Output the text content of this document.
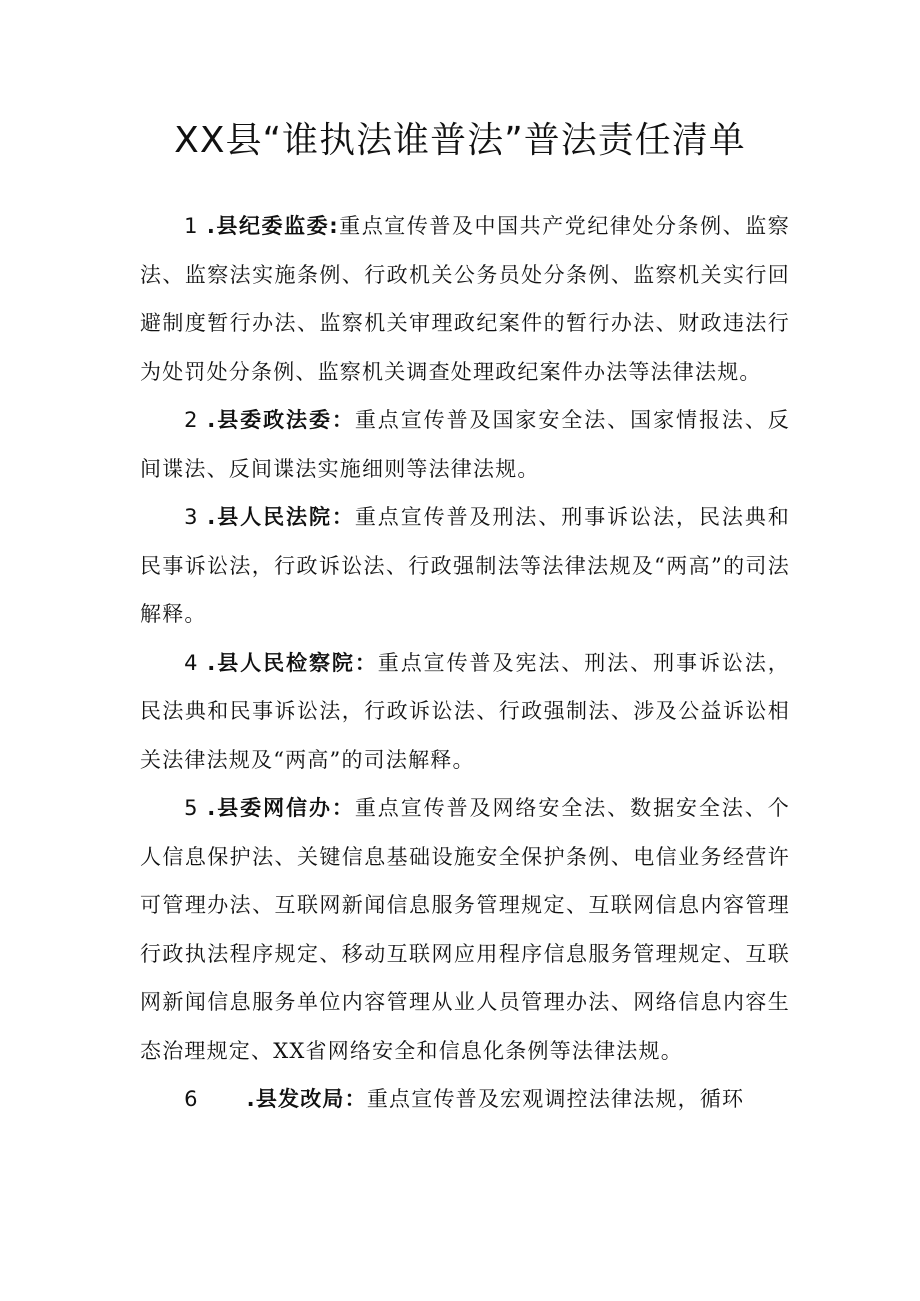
XX县“谁执法谁普法”普法责任清单

1 .县纪委监委:重点宣传普及中国共产党纪律处分条例、监察法、监察法实施条例、行政机关公务员处分条例、监察机关实行回避制度暂行办法、监察机关审理政纪案件的暂行办法、财政违法行为处罚处分条例、监察机关调查处理政纪案件办法等法律法规。

2 .县委政法委：重点宣传普及国家安全法、国家情报法、反间谍法、反间谍法实施细则等法律法规。

3 .县人民法院：重点宣传普及刑法、刑事诉讼法，民法典和民事诉讼法，行政诉讼法、行政强制法等法律法规及“两高”的司法解释。

4 .县人民检察院：重点宣传普及宪法、刑法、刑事诉讼法，民法典和民事诉讼法，行政诉讼法、行政强制法、涉及公益诉讼相关法律法规及“两高”的司法解释。

5 .县委网信办：重点宣传普及网络安全法、数据安全法、个人信息保护法、关键信息基础设施安全保护条例、电信业务经营许可管理办法、互联网新闻信息服务管理规定、互联网信息内容管理行政执法程序规定、移动互联网应用程序信息服务管理规定、互联网新闻信息服务单位内容管理从业人员管理办法、网络信息内容生态治理规定、XX省网络安全和信息化条例等法律法规。

6 .县发改局：重点宣传普及宏观调控法律法规，循环
